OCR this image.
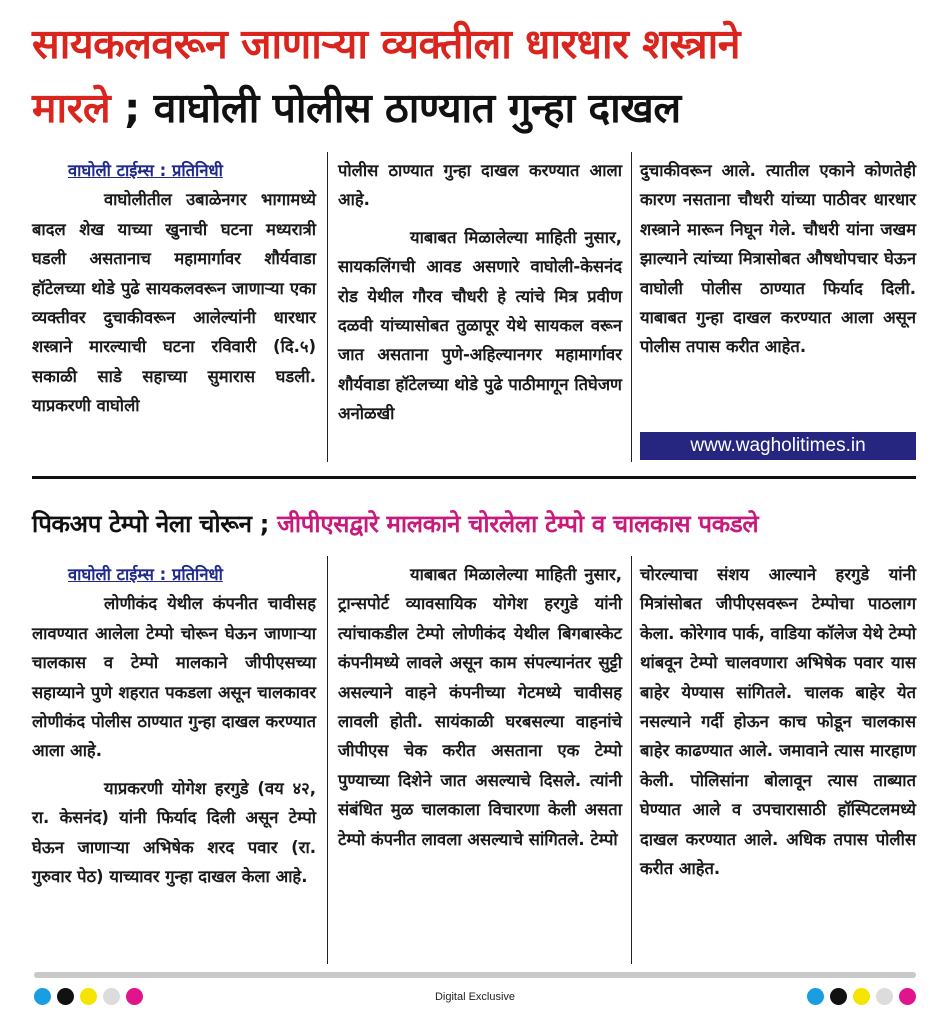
सायकलवरून जाणाऱ्या व्यक्तीला धारधार शस्त्राने
मारले ; वाघोली पोलीस ठाण्यात गुन्हा दाखल
वाघोली टाईम्स : प्रतिनिधी

वाघोलीतील उबाळेनगर भागामध्ये बादल शेख याच्या खुनाची घटना मध्यरात्री घडली असतानाच महामार्गावर शौर्यवाडा हॉटेलच्या थोडे पुढे सायकलवरून जाणाऱ्या एका व्यक्तीवर दुचाकीवरून आलेल्यांनी धारधार शस्त्राने मारल्याची घटना रविवारी (दि.५) सकाळी साडे सहाच्या सुमारास घडली. याप्रकरणी वाघोली

पोलीस ठाण्यात गुन्हा दाखल करण्यात आला आहे.

याबाबत मिळालेल्या माहिती नुसार, सायकलिंगची आवड असणारे वाघोली-केसनंद रोड येथील गौरव चौधरी हे त्यांचे मित्र प्रवीण दळवी यांच्यासोबत तुळापूर येथे सायकल वरून जात असताना पुणे-अहिल्यानगर महामार्गावर शौर्यवाडा हॉटेलच्या थोडे पुढे पाठीमागून तिघेजण अनोळखी

दुचाकीवरून आले. त्यातील एकाने कोणतेही कारण नसताना चौधरी यांच्या पाठीवर धारधार शस्त्राने मारून निघून गेले. चौधरी यांना जखम झाल्याने त्यांच्या मित्रासोबत औषधोपचार घेऊन वाघोली पोलीस ठाण्यात फिर्याद दिली. याबाबत गुन्हा दाखल करण्यात आला असून पोलीस तपास करीत आहेत.

www.wagholitimes.in
पिकअप टेम्पो नेला चोरून ; जीपीएसद्वारे मालकाने चोरलेला टेम्पो व चालकास पकडले
वाघोली टाईम्स : प्रतिनिधी

लोणीकंद येथील कंपनीत चावीसह लावण्यात आलेला टेम्पो चोरून घेऊन जाणाऱ्या चालकास व टेम्पो मालकाने जीपीएसच्या सहाय्याने पुणे शहरात पकडला असून चालकावर लोणीकंद पोलीस ठाण्यात गुन्हा दाखल करण्यात आला आहे.

याप्रकरणी योगेश हरगुडे (वय ४२, रा. केसनंद) यांनी फिर्याद दिली असून टेम्पो घेऊन जाणाऱ्या अभिषेक शरद पवार (रा. गुरुवार पेठ) याच्यावर गुन्हा दाखल केला आहे.

याबाबत मिळालेल्या माहिती नुसार, ट्रान्सपोर्ट व्यावसायिक योगेश हरगुडे यांनी त्यांचाकडील टेम्पो लोणीकंद येथील बिगबास्केट कंपनीमध्ये लावले असून काम संपल्यानंतर सुट्टी असल्याने वाहने कंपनीच्या गेटमध्ये चावीसह लावली होती. सायंकाळी घरबसल्या वाहनांचे जीपीएस चेक करीत असताना एक टेम्पो पुण्याच्या दिशेने जात असल्याचे दिसले. त्यांनी संबंधित मुळ चालकाला विचारणा केली असता टेम्पो कंपनीत लावला असल्याचे सांगितले. टेम्पो

चोरल्याचा संशय आल्याने हरगुडे यांनी मित्रांसोबत जीपीएसवरून टेम्पोचा पाठलाग केला. कोरेगाव पार्क, वाडिया कॉलेज येथे टेम्पो थांबवून टेम्पो चालवणारा अभिषेक पवार यास बाहेर येण्यास सांगितले. चालक बाहेर येत नसल्याने गर्दी होऊन काच फोडून चालकास बाहेर काढण्यात आले. जमावाने त्यास मारहाण केली. पोलिसांना बोलावून त्यास ताब्यात घेण्यात आले व उपचारासाठी हॉस्पिटलमध्ये दाखल करण्यात आले. अधिक तपास पोलीस करीत आहेत.

Digital Exclusive
